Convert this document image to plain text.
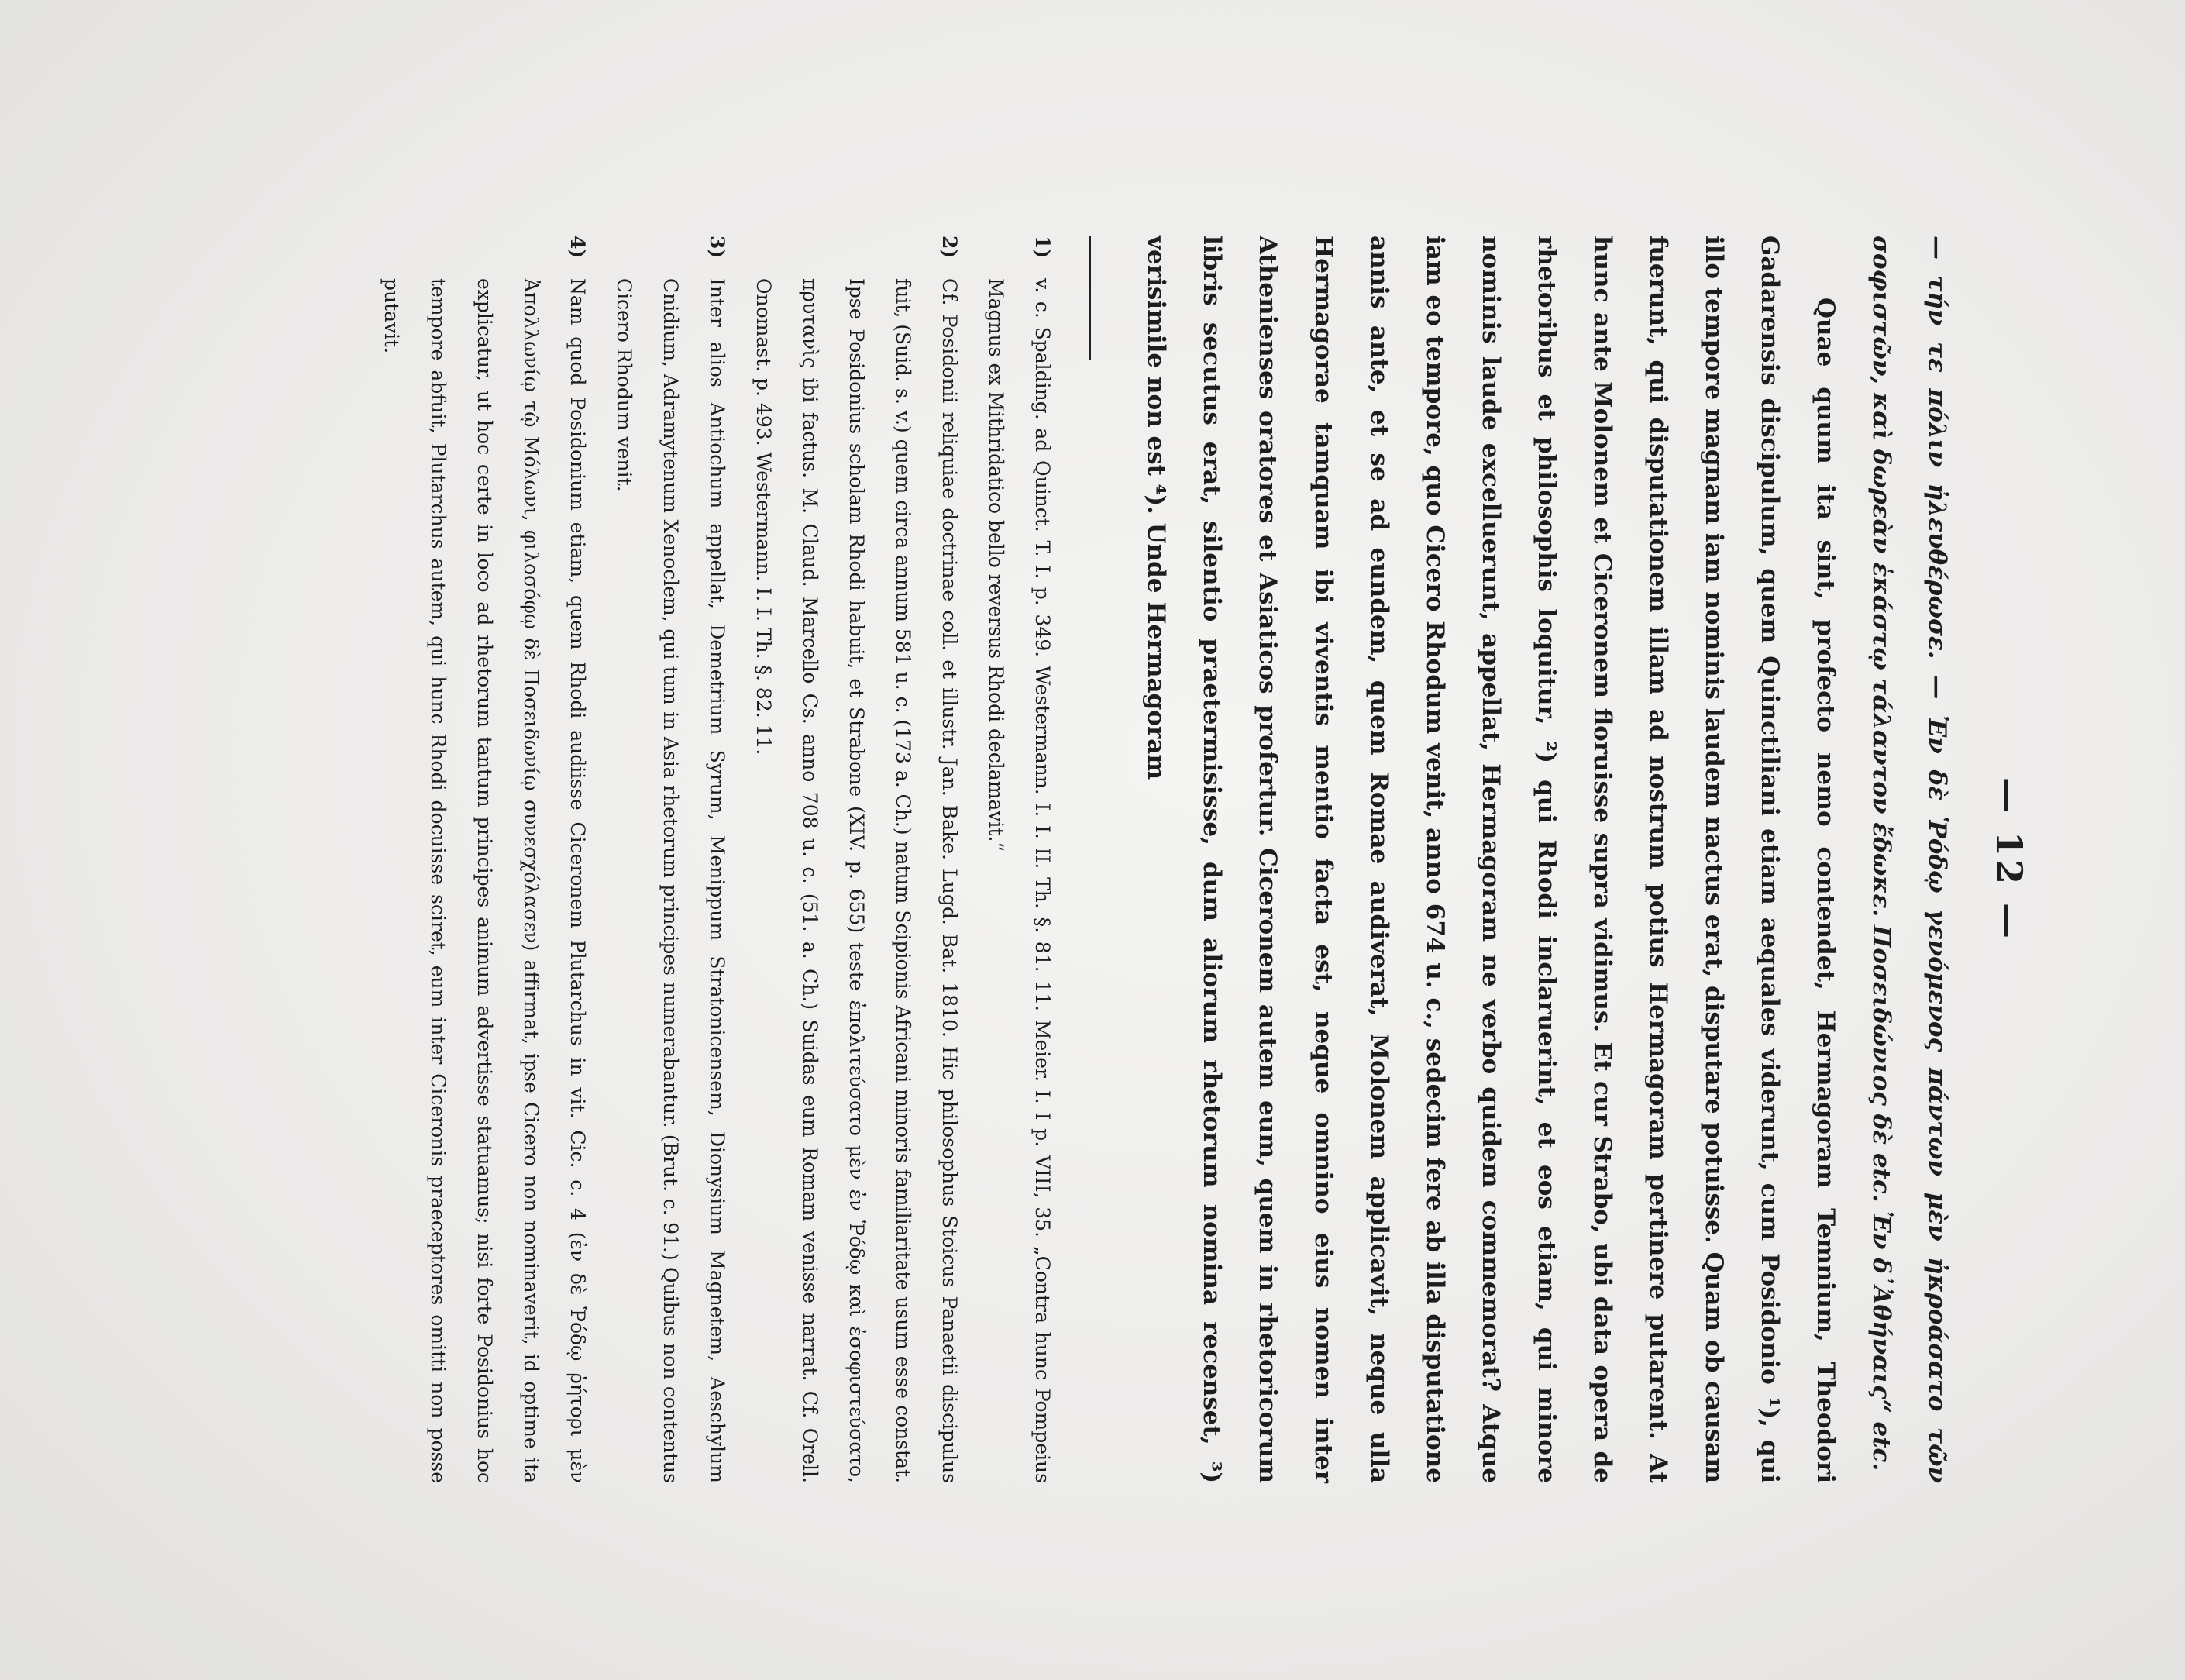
— 12 —

— τήν τε πόλιν ἠλευθέρωσε. — Ἐν δὲ Ῥόδῳ γενόμενος πάντων μὲν ἠκροάσατο τῶν σοφιστῶν, καὶ δωρεὰν ἑκάστῳ τάλαντον ἔδωκε. Ποσειδώνιος δὲ etc. Ἐν δ᾿Ἀθήναις“ etc.

Quae quum ita sint, profecto nemo contendet, Hermagoram Temnium, Theodori Gadarensis discipulum, quem Quinctiliani etiam aequales viderunt, cum Posidonio ¹), qui illo tempore magnam iam nominis laudem nactus erat, disputare potuisse. Quam ob causam fuerunt, qui disputationem illam ad nostrum potius Hermagoram pertinere putarent. At hunc ante Molonem et Ciceronem floruisse supra vidimus. Et cur Strabo, ubi data opera de rhetoribus et philosophis loquitur, ²) qui Rhodi inclaruerint, et eos etiam, qui minore nominis laude excelluerunt, appellat, Hermagoram ne verbo quidem commemorat? Atque iam eo tempore, quo Cicero Rhodum venit, anno 674 u. c., sedecim fere ab illa disputatione annis ante, et se ad eundem, quem Romae audiverat, Molonem applicavit, neque ulla Hermagorae tamquam ibi viventis mentio facta est, neque omnino eius nomen inter Athenienses oratores et Asiaticos profertur. Ciceronem autem eum, quem in rhetoricorum libris secutus erat, silentio praetermisisse, dum aliorum rhetorum nomina recenset, ³) verisimile non est ⁴). Unde Hermagoram

1)
v. c. Spalding. ad Quinct. T. I. p. 349. Westermann. I. I. II. Th. §. 81. 11. Meier. I. I p. VIII, 35. „Contra hunc Pompeius Magnus ex Mithridatico bello reversus Rhodi declamavit.“
2)
Cf. Posidonii reliquiae doctrinae coll. et illustr. Jan. Bake. Lugd. Bat. 1810. Hic philosophus Stoicus Panaetii discipulus fuit, (Suid. s. v.) quem circa annum 581 u. c. (173 a. Ch.) natum Scipionis Africani minoris familiaritate usum esse constat. Ipse Posidonius scholam Rhodi habuit, et Strabone (XIV. p. 655) teste ἐπολιτεύσατο μὲν ἐν Ῥόδῳ καὶ ἐσοφιστεύσατο, πρυτανὶς ibi factus. M. Claud. Marcello Cs. anno 708 u. c. (51. a. Ch.) Suidas eum Romam venisse narrat. Cf. Orell. Onomast. p. 493. Westermann. I. I. Th. §. 82. 11.
3)
Inter alios Antiochum appellat, Demetrium Syrum, Menippum Stratonicensem, Dionysium Magnetem, Aeschylum Cnidium, Adramytenum Xenoclem, qui tum in Asia rhetorum principes numerabantur. (Brut. c. 91.) Quibus non contentus Cicero Rhodum venit.
4)
Nam quod Posidonium etiam, quem Rhodi audiisse Ciceronem Plutarchus in vit. Cic. c. 4 (ἐν δὲ Ῥόδῳ ῥήτορι μὲν Ἀπολλωνίῳ τῷ Μόλωνι, φιλοσόφῳ δὲ Ποσειδωνίῳ συνεσχόλασεν) affirmat, ipse Cicero non nominaverit, id optime ita explicatur, ut hoc certe in loco ad rhetorum tantum principes animum advertisse statuamus; nisi forte Posidonius hoc tempore abfuit, Plutarchus autem, qui hunc Rhodi docuisse sciret, eum inter Ciceronis praeceptores omitti non posse putavit.
